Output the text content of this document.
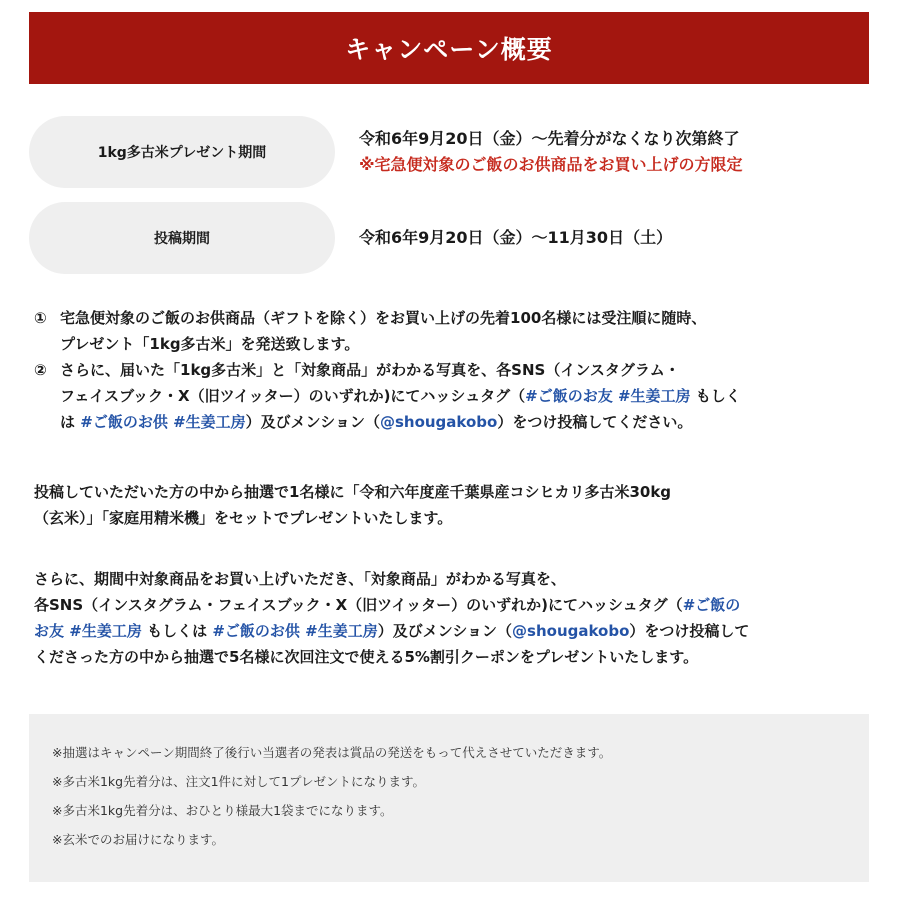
キャンペーン概要
1kg多古米プレゼント期間
令和6年9月20日（金）～先着分がなくなり次第終了
※宅急便対象のご飯のお供商品をお買い上げの方限定
投稿期間	令和6年9月20日（金）～11月30日（土）
① 宅急便対象のご飯のお供商品（ギフトを除く）をお買い上げの先着100名様には受注順に随時、
プレゼント「1kg多古米」を発送致します。
② さらに、届いた「1kg多古米」と「対象商品」がわかる写真を、各SNS（インスタグラム・
フェイスブック・X（旧ツイッター）のいずれか)にてハッシュタグ（#ご飯のお友 #生姜工房 もしく
は #ご飯のお供 #生姜工房）及びメンション（@shougakobo）をつけ投稿してください。
投稿していただいた方の中から抽選で1名様に「令和六年度産千葉県産コシヒカリ多古米30kg
（玄米）」「家庭用精米機」をセットでプレゼントいたします。
さらに、期間中対象商品をお買い上げいただき、「対象商品」がわかる写真を、
各SNS（インスタグラム・フェイスブック・X（旧ツイッター）のいずれか)にてハッシュタグ（#ご飯の
お友 #生姜工房 もしくは #ご飯のお供 #生姜工房）及びメンション（@shougakobo）をつけ投稿して
くださった方の中から抽選で5名様に次回注文で使える5%割引クーポンをプレゼントいたします。
※抽選はキャンペーン期間終了後行い当選者の発表は賞品の発送をもって代えさせていただきます。
※多古米1kg先着分は、注文1件に対して1プレゼントになります。
※多古米1kg先着分は、おひとり様最大1袋までになります。
※玄米でのお届けになります。
